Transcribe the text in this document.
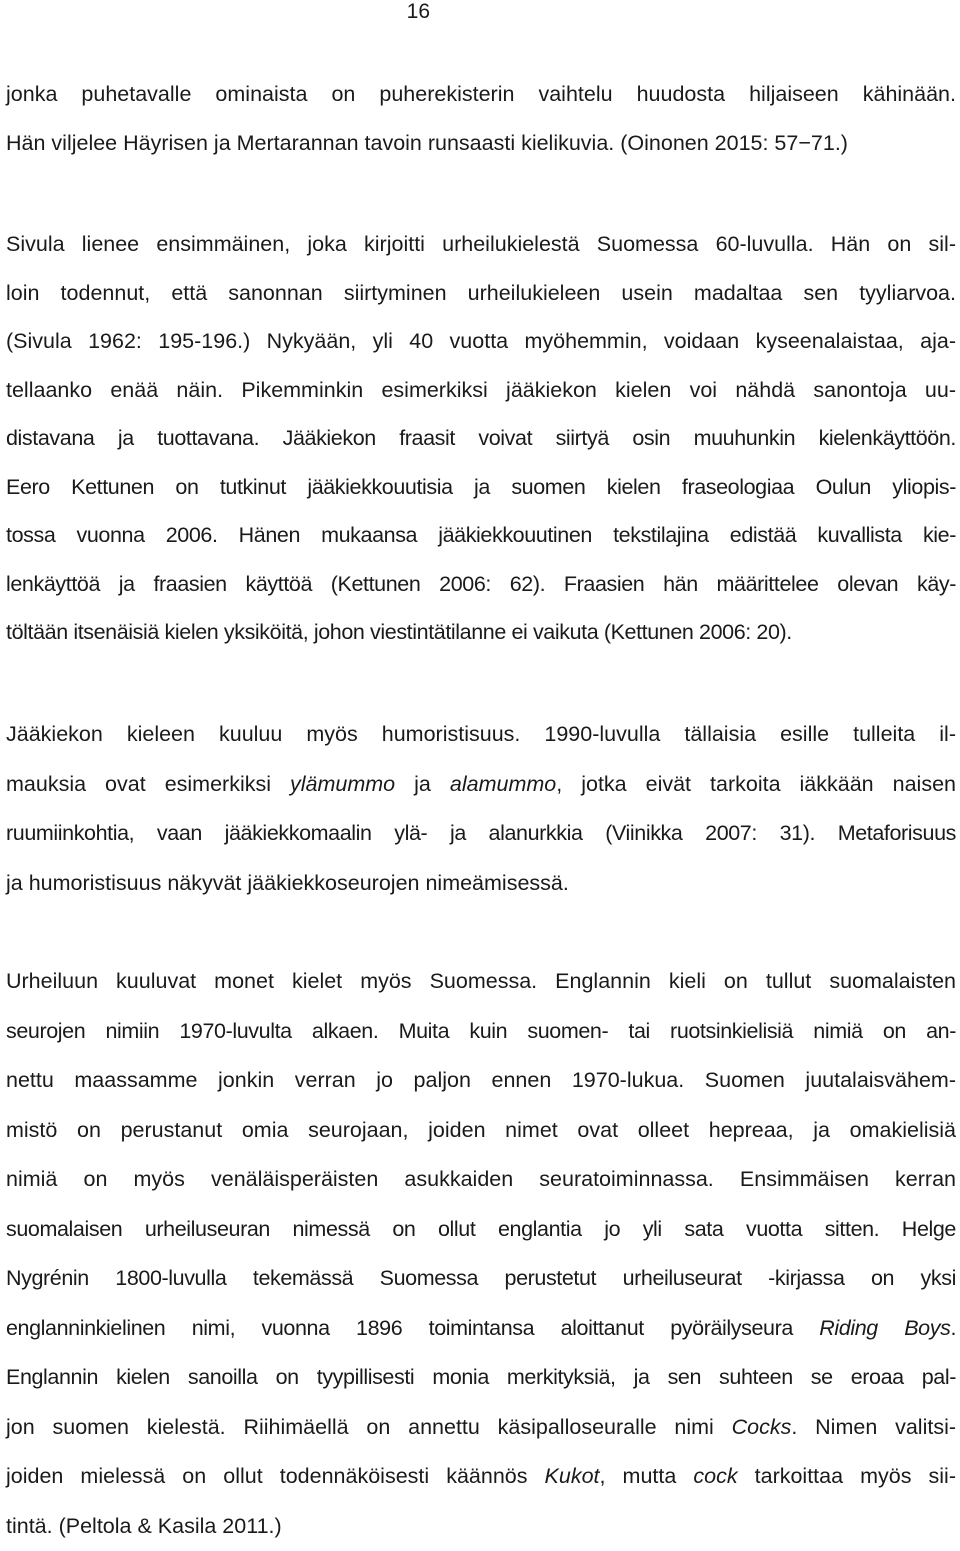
16

jonka puhetavalle ominaista on puherekisterin vaihtelu huudosta hiljaiseen kähinään.
Hän viljelee Häyrisen ja Mertarannan tavoin runsaasti kielikuvia. (Oinonen 2015: 57−71.)

Sivula lienee ensimmäinen, joka kirjoitti urheilukielestä Suomessa 60-luvulla. Hän on sil-
loin todennut, että sanonnan siirtyminen urheilukieleen usein madaltaa sen tyyliarvoa.
(Sivula 1962: 195-196.) Nykyään, yli 40 vuotta myöhemmin, voidaan kyseenalaistaa, aja-
tellaanko enää näin. Pikemminkin esimerkiksi jääkiekon kielen voi nähdä sanontoja uu-
distavana ja tuottavana. Jääkiekon fraasit voivat siirtyä osin muuhunkin kielenkäyttöön.
Eero Kettunen on tutkinut jääkiekkouutisia ja suomen kielen fraseologiaa Oulun yliopis-
tossa vuonna 2006. Hänen mukaansa jääkiekkouutinen tekstilajina edistää kuvallista kie-
lenkäyttöä ja fraasien käyttöä (Kettunen 2006: 62). Fraasien hän määrittelee olevan käy-
töltään itsenäisiä kielen yksiköitä, johon viestintätilanne ei vaikuta (Kettunen 2006: 20).

Jääkiekon kieleen kuuluu myös humoristisuus. 1990-luvulla tällaisia esille tulleita il-
mauksia ovat esimerkiksi ylämummo ja alamummo, jotka eivät tarkoita iäkkään naisen
ruumiinkohtia, vaan jääkiekkomaalin ylä- ja alanurkkia (Viinikka 2007: 31). Metaforisuus
ja humoristisuus näkyvät jääkiekkoseurojen nimeämisessä.

Urheiluun kuuluvat monet kielet myös Suomessa. Englannin kieli on tullut suomalaisten
seurojen nimiin 1970-luvulta alkaen. Muita kuin suomen- tai ruotsinkielisiä nimiä on an-
nettu maassamme jonkin verran jo paljon ennen 1970-lukua. Suomen juutalaisvähem-
mistö on perustanut omia seurojaan, joiden nimet ovat olleet hepreaa, ja omakielisiä
nimiä on myös venäläisperäisten asukkaiden seuratoiminnassa. Ensimmäisen kerran
suomalaisen urheiluseuran nimessä on ollut englantia jo yli sata vuotta sitten. Helge
Nygrénin 1800-luvulla tekemässä Suomessa perustetut urheiluseurat -kirjassa on yksi
englanninkielinen nimi, vuonna 1896 toimintansa aloittanut pyöräilyseura Riding Boys.
Englannin kielen sanoilla on tyypillisesti monia merkityksiä, ja sen suhteen se eroaa pal-
jon suomen kielestä. Riihimäellä on annettu käsipalloseuralle nimi Cocks. Nimen valitsi-
joiden mielessä on ollut todennäköisesti käännös Kukot, mutta cock tarkoittaa myös sii-
tintä. (Peltola & Kasila 2011.)
